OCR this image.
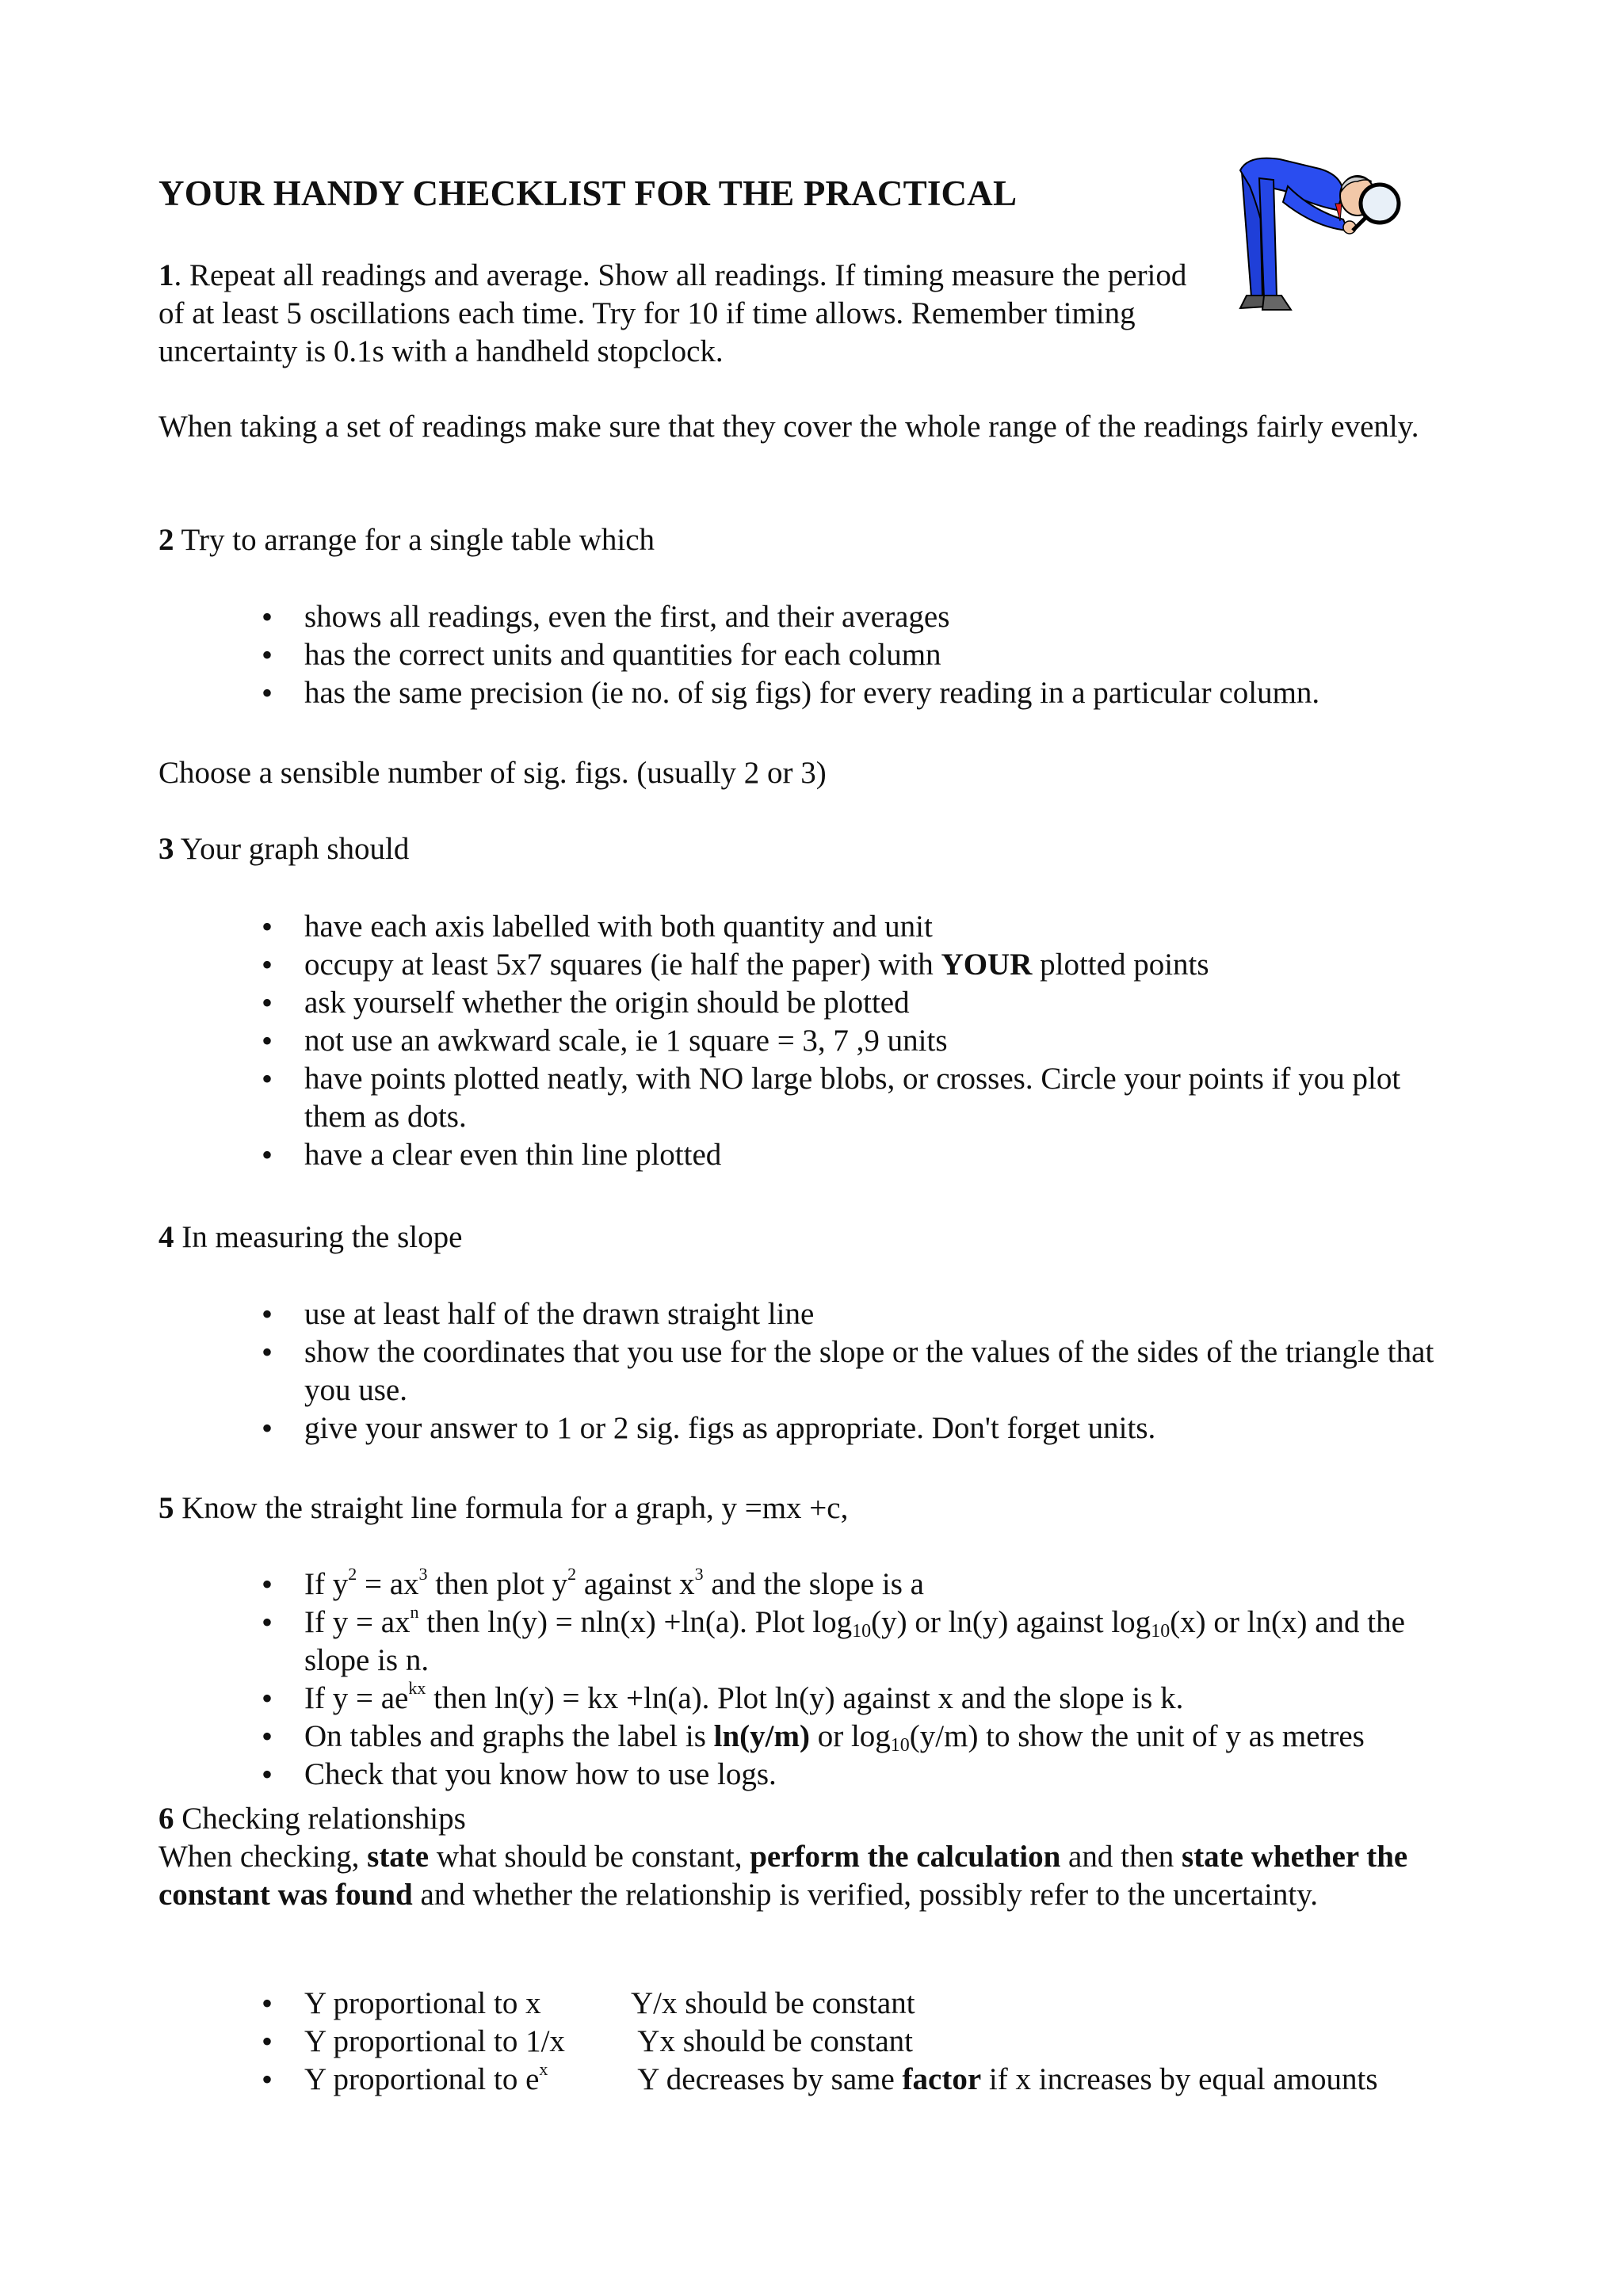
YOUR HANDY CHECKLIST FOR THE PRACTICAL

1. Repeat all readings and average. Show all readings. If timing measure the period of at least 5 oscillations each time. Try for 10 if time allows. Remember timing uncertainty is 0.1s with a handheld stopclock.

When taking a set of readings make sure that they cover the whole range of the readings fairly evenly.

2 Try to arrange for a single table which

• shows all readings, even the first, and their averages
• has the correct units and quantities for each column
• has the same precision (ie no. of sig figs) for every reading in a particular column.

Choose a sensible number of sig. figs. (usually 2 or 3)

3 Your graph should

• have each axis labelled with both quantity and unit
• occupy at least 5x7 squares (ie half the paper) with YOUR plotted points
• ask yourself whether the origin should be plotted
• not use an awkward scale, ie 1 square = 3, 7 ,9 units
• have points plotted neatly, with NO large blobs, or crosses. Circle your points if you plot them as dots.
• have a clear even thin line plotted

4 In measuring the slope

• use at least half of the drawn straight line
• show the coordinates that you use for the slope or the values of the sides of the triangle that you use.
• give your answer to 1 or 2 sig. figs as appropriate. Don't forget units.

5 Know the straight line formula for a graph, y =mx +c,

• If $y^2 = ax^3$ then plot $y^2$ against $x^3$ and the slope is a
• If $y = ax^n$ then ln(y) = nln(x) +ln(a). Plot $\log_{10}(y)$ or ln(y) against $\log_{10}(x)$ or ln(x) and the slope is n.
• If $y = ae^{kx}$ then ln(y) = kx +ln(a). Plot ln(y) against x and the slope is k.
• On tables and graphs the label is ln(y/m) or $\log_{10}(y/m)$ to show the unit of y as metres
• Check that you know how to use logs.

6 Checking relationships

When checking, state what should be constant, perform the calculation and then state whether the constant was found and whether the relationship is verified, possibly refer to the uncertainty.

• Y proportional to x	Y/x should be constant
• Y proportional to 1/x Yx should be constant
• Y proportional to $e^x$	Y decreases by same factor if x increases by equal amounts
